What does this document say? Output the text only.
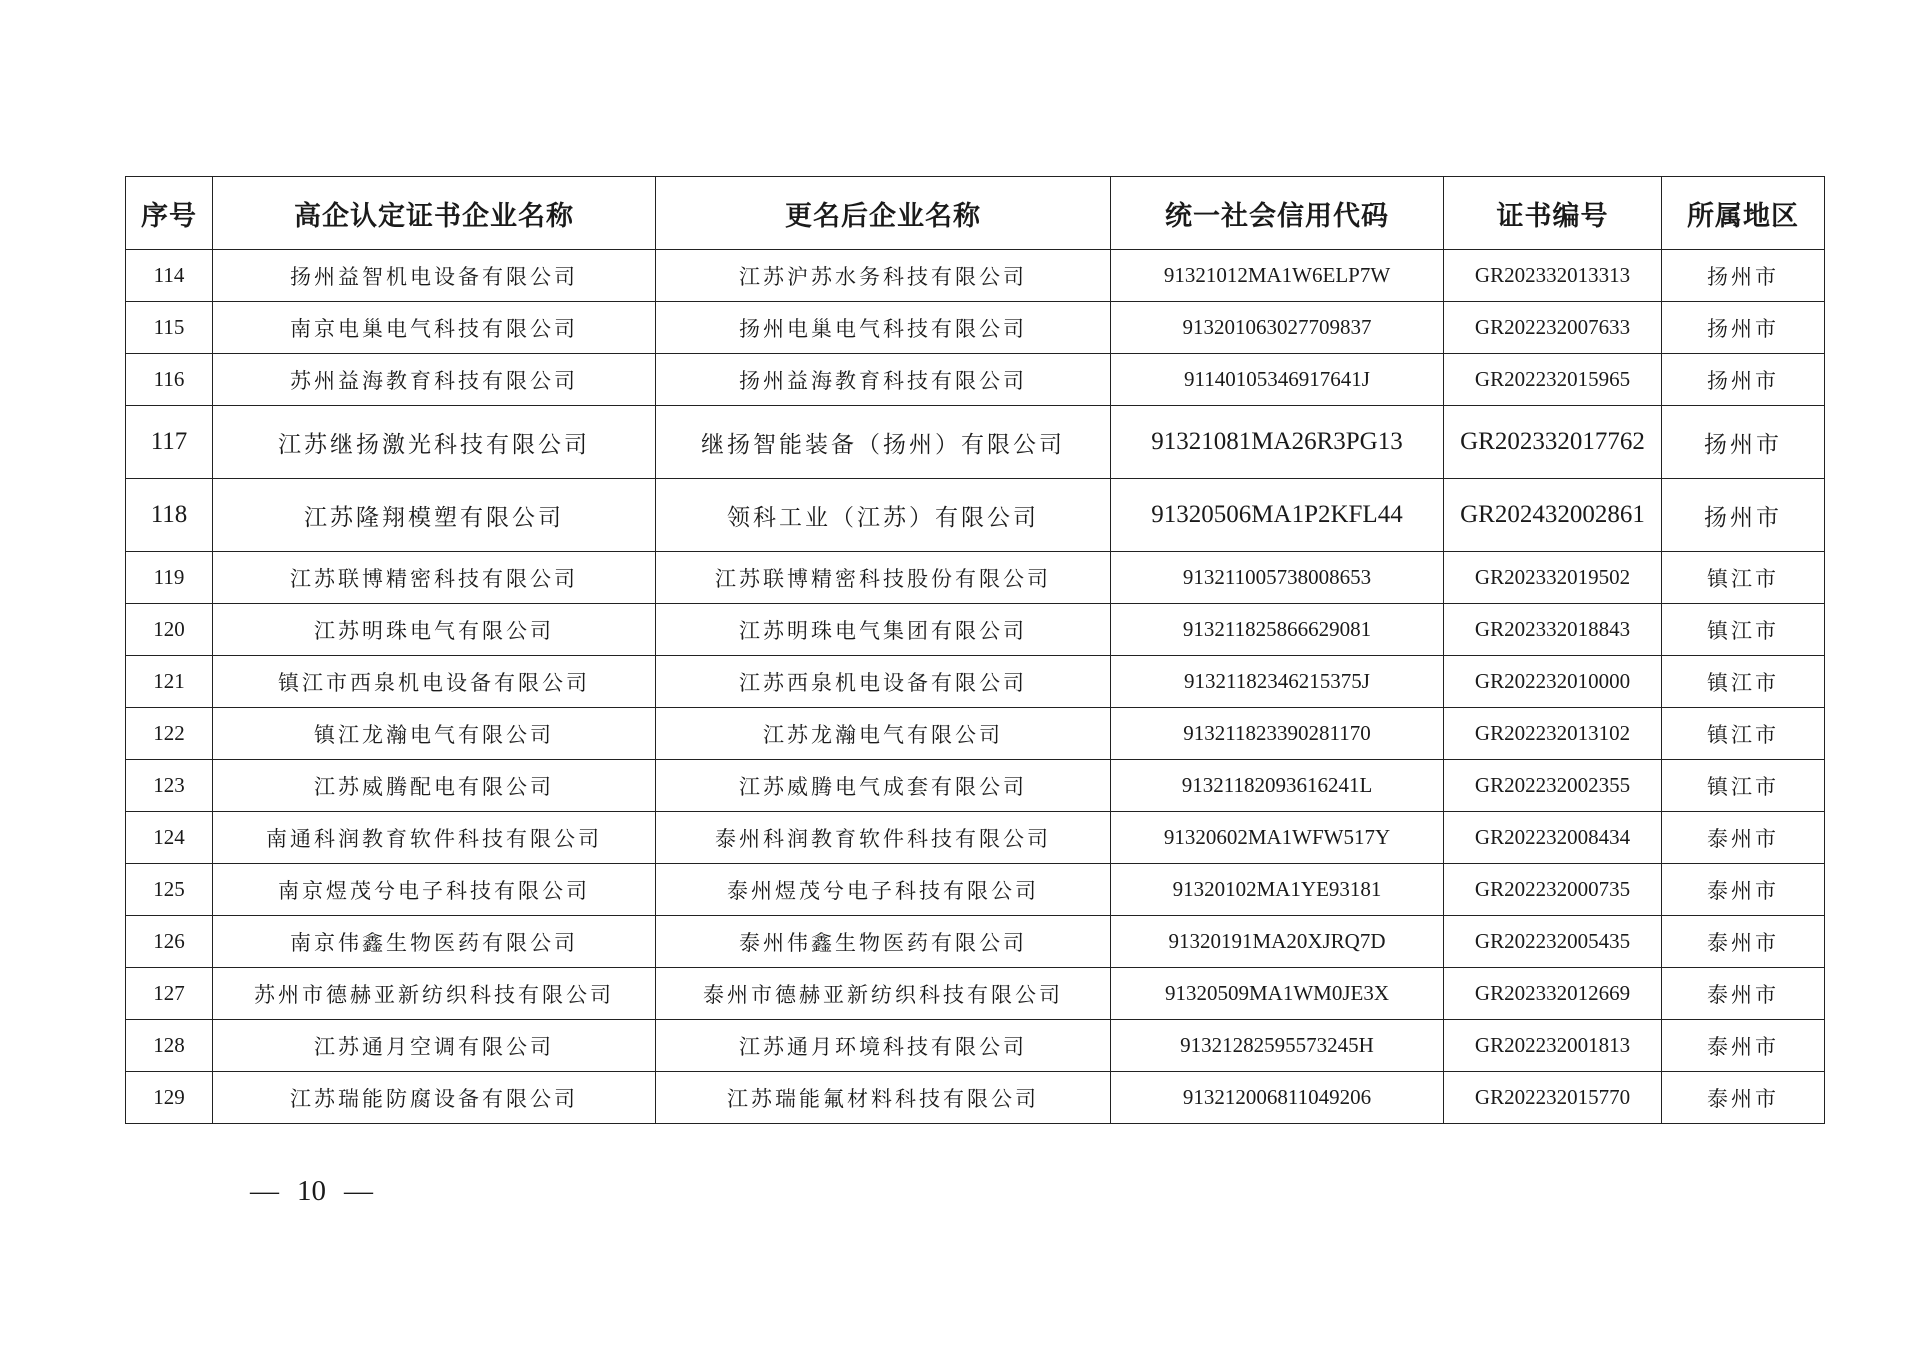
序号	高企认定证书企业名称	更名后企业名称	统一社会信用代码	证书编号	所属地区
114	扬州益智机电设备有限公司	江苏沪苏水务科技有限公司	91321012MA1W6ELP7W	GR202332013313	扬州市
115	南京电巢电气科技有限公司	扬州电巢电气科技有限公司	913201063027709837	GR202232007633	扬州市
116	苏州益海教育科技有限公司	扬州益海教育科技有限公司	91140105346917641J	GR202232015965	扬州市
117	江苏继扬激光科技有限公司	继扬智能装备（扬州）有限公司	91321081MA26R3PG13	GR202332017762	扬州市
118	江苏隆翔模塑有限公司	领科工业（江苏）有限公司	91320506MA1P2KFL44	GR202432002861	扬州市
119	江苏联博精密科技有限公司	江苏联博精密科技股份有限公司	913211005738008653	GR202332019502	镇江市
120	江苏明珠电气有限公司	江苏明珠电气集团有限公司	913211825866629081	GR202332018843	镇江市
121	镇江市西泉机电设备有限公司	江苏西泉机电设备有限公司	91321182346215375J	GR202232010000	镇江市
122	镇江龙瀚电气有限公司	江苏龙瀚电气有限公司	913211823390281170	GR202232013102	镇江市
123	江苏威腾配电有限公司	江苏威腾电气成套有限公司	91321182093616241L	GR202232002355	镇江市
124	南通科润教育软件科技有限公司	泰州科润教育软件科技有限公司	91320602MA1WFW517Y	GR202232008434	泰州市
125	南京煜茂兮电子科技有限公司	泰州煜茂兮电子科技有限公司	91320102MA1YE93181	GR202232000735	泰州市
126	南京伟鑫生物医药有限公司	泰州伟鑫生物医药有限公司	91320191MA20XJRQ7D	GR202232005435	泰州市
127	苏州市德赫亚新纺织科技有限公司	泰州市德赫亚新纺织科技有限公司	91320509MA1WM0JE3X	GR202332012669	泰州市
128	江苏通月空调有限公司	江苏通月环境科技有限公司	91321282595573245H	GR202232001813	泰州市
129	江苏瑞能防腐设备有限公司	江苏瑞能氟材料科技有限公司	913212006811049206	GR202232015770	泰州市
— 10 —
